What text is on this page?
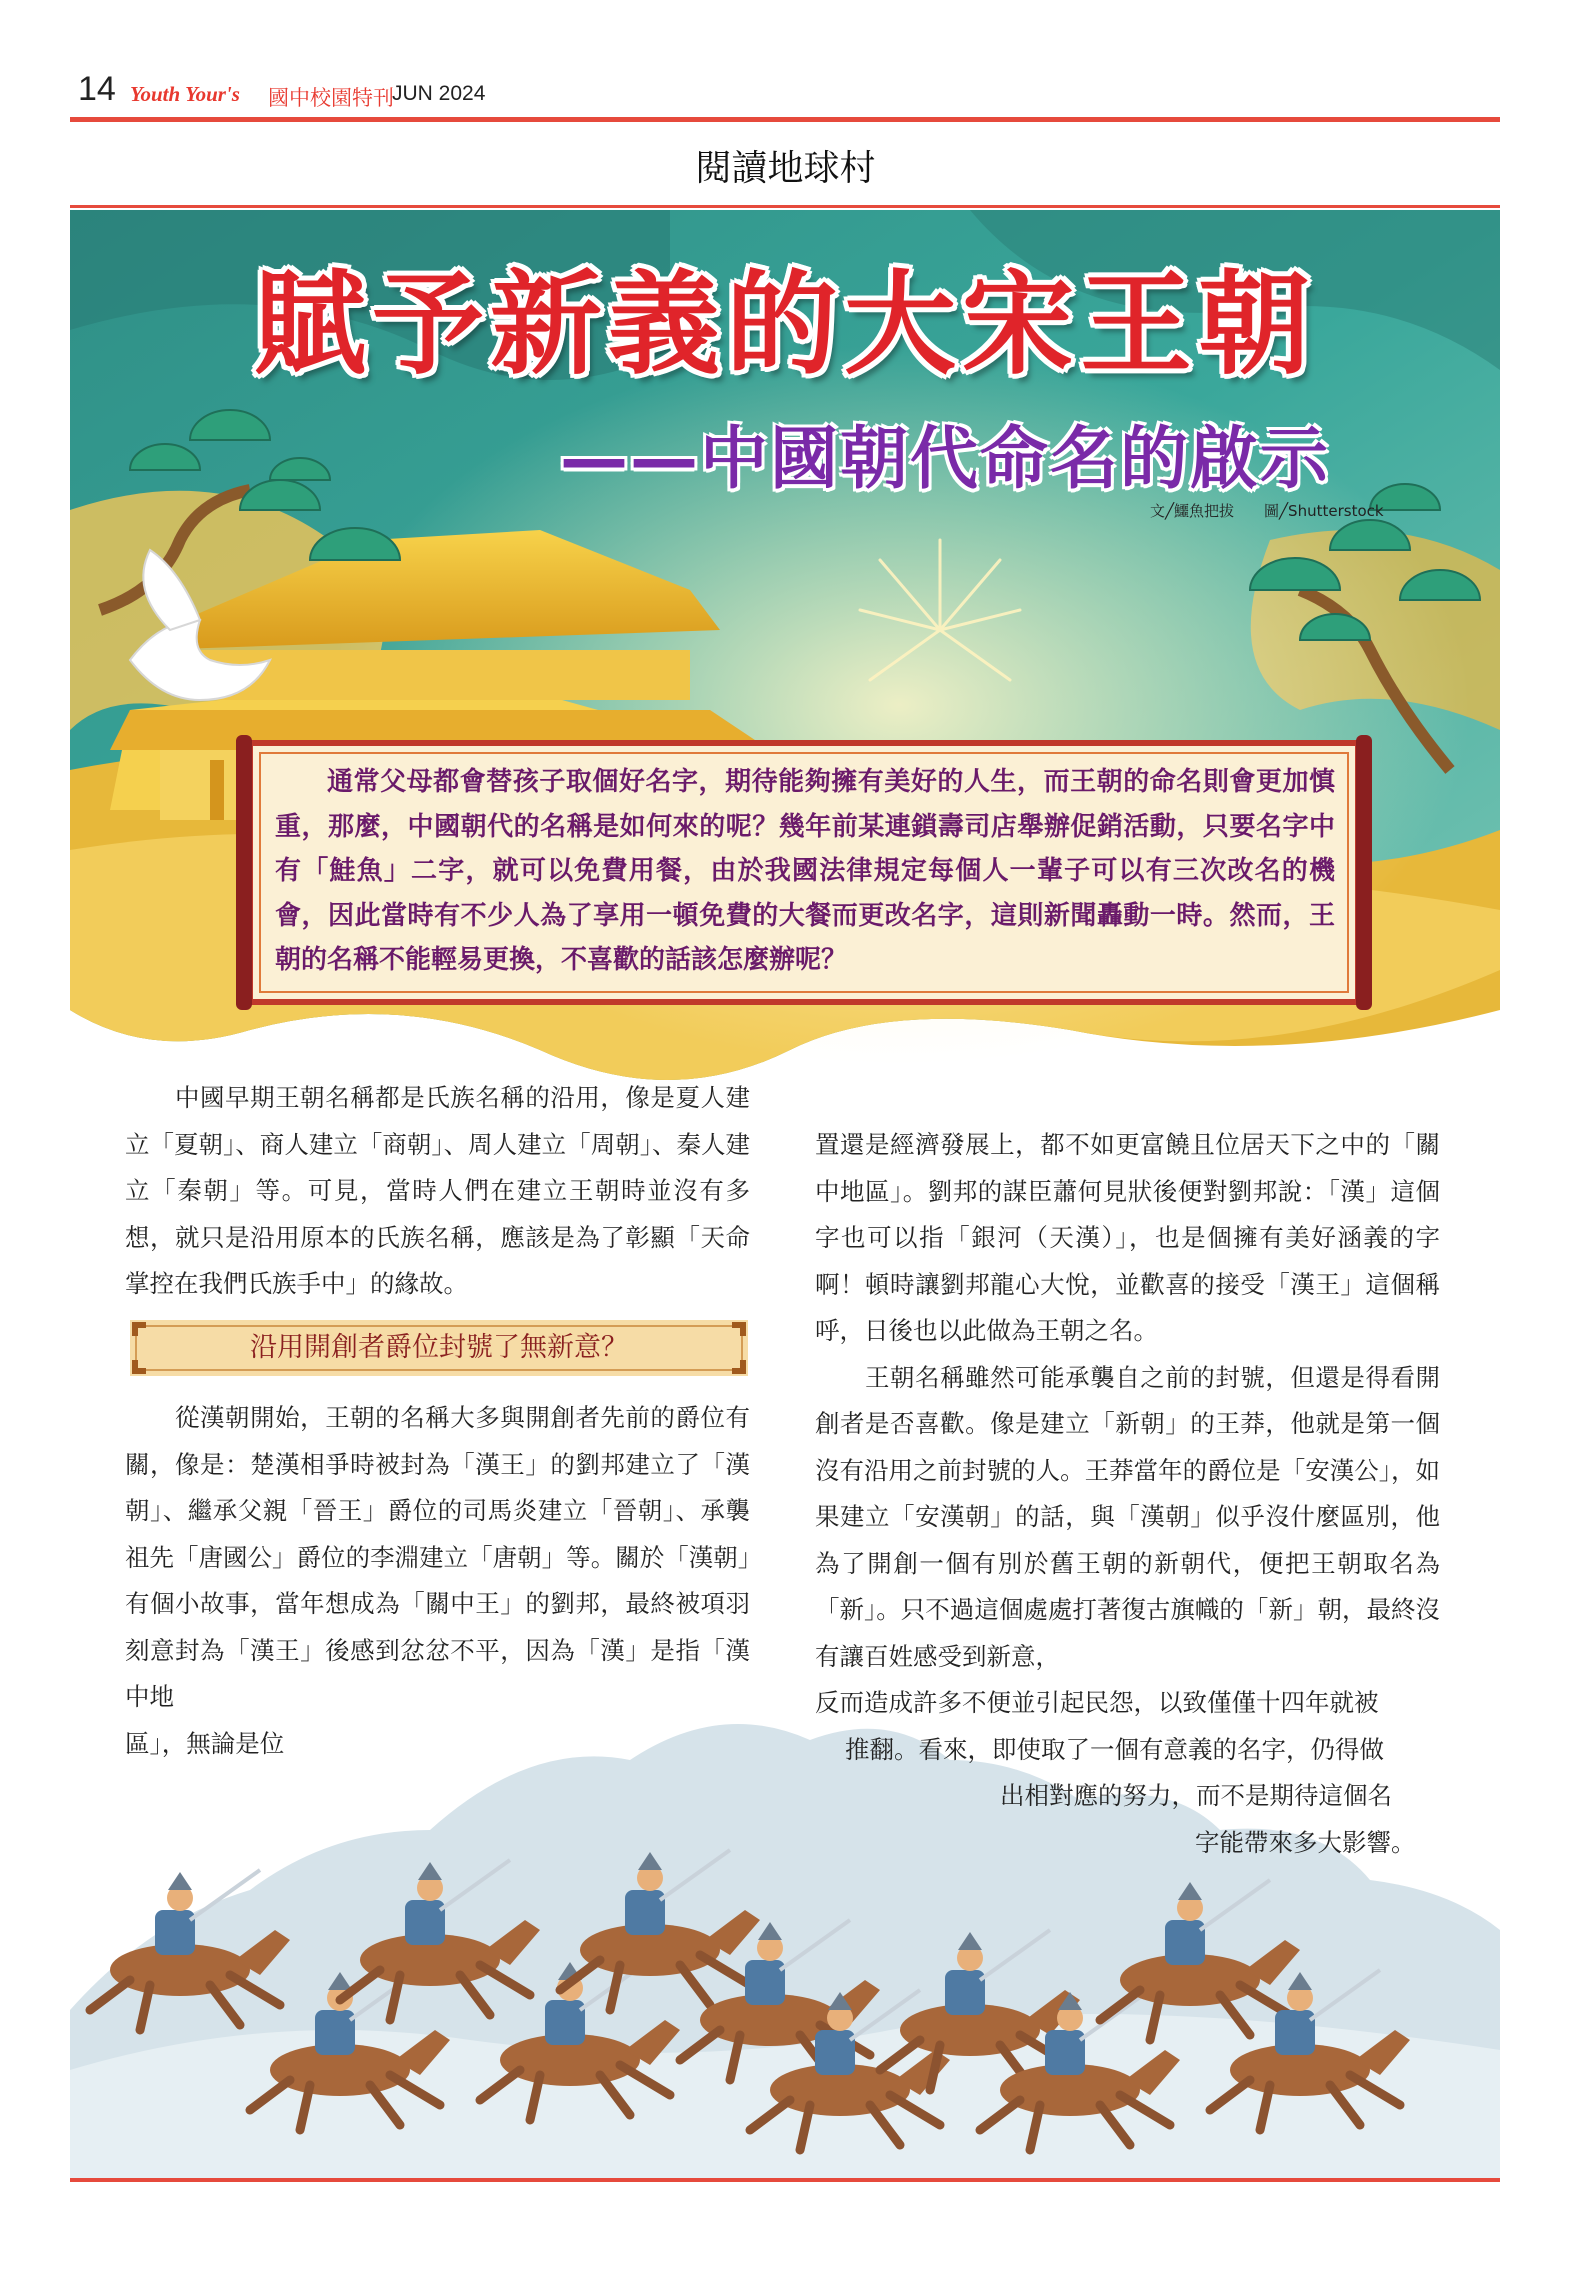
14 Youth Your's 國中校園特刊
JUN 2024
閱讀地球村
賦予新義的大宋王朝
——中國朝代命名的啟示
文╱鱷魚把拔　　圖╱Shutterstock
通常父母都會替孩子取個好名字，期待能夠擁有美好的人生，而王朝的命名則會更加慎重，那麼，中國朝代的名稱是如何來的呢？幾年前某連鎖壽司店舉辦促銷活動，只要名字中有「鮭魚」二字，就可以免費用餐，由於我國法律規定每個人一輩子可以有三次改名的機會，因此當時有不少人為了享用一頓免費的大餐而更改名字，這則新聞轟動一時。然而，王朝的名稱不能輕易更換，不喜歡的話該怎麼辦呢？

中國早期王朝名稱都是氏族名稱的沿用，像是夏人建立「夏朝」、商人建立「商朝」、周人建立「周朝」、秦人建立「秦朝」等。可見，當時人們在建立王朝時並沒有多想，就只是沿用原本的氏族名稱，應該是為了彰顯「天命掌控在我們氏族手中」的緣故。

沿用開創者爵位封號了無新意？

從漢朝開始，王朝的名稱大多與開創者先前的爵位有關，像是：楚漢相爭時被封為「漢王」的劉邦建立了「漢朝」、繼承父親「晉王」爵位的司馬炎建立「晉朝」、承襲祖先「唐國公」爵位的李淵建立「唐朝」等。關於「漢朝」有個小故事，當年想成為「關中王」的劉邦，最終被項羽刻意封為「漢王」後感到忿忿不平，因為「漢」是指「漢中地

區」，無論是位

置還是經濟發展上，都不如更富饒且位居天下之中的「關中地區」。劉邦的謀臣蕭何見狀後便對劉邦說：「漢」這個字也可以指「銀河（天漢）」，也是個擁有美好涵義的字啊！頓時讓劉邦龍心大悅，並歡喜的接受「漢王」這個稱呼，日後也以此做為王朝之名。

王朝名稱雖然可能承襲自之前的封號，但還是得看開創者是否喜歡。像是建立「新朝」的王莽，他就是第一個沒有沿用之前封號的人。王莽當年的爵位是「安漢公」，如果建立「安漢朝」的話，與「漢朝」似乎沒什麼區別，他為了開創一個有別於舊王朝的新朝代，便把王朝取名為「新」。只不過這個處處打著復古旗幟的「新」朝，最終沒有讓百姓感受到新意，

反而造成許多不便並引起民怨，以致僅僅十四年就被

推翻。看來，即使取了一個有意義的名字，仍得做

出相對應的努力，而不是期待這個名

字能帶來多大影響。
